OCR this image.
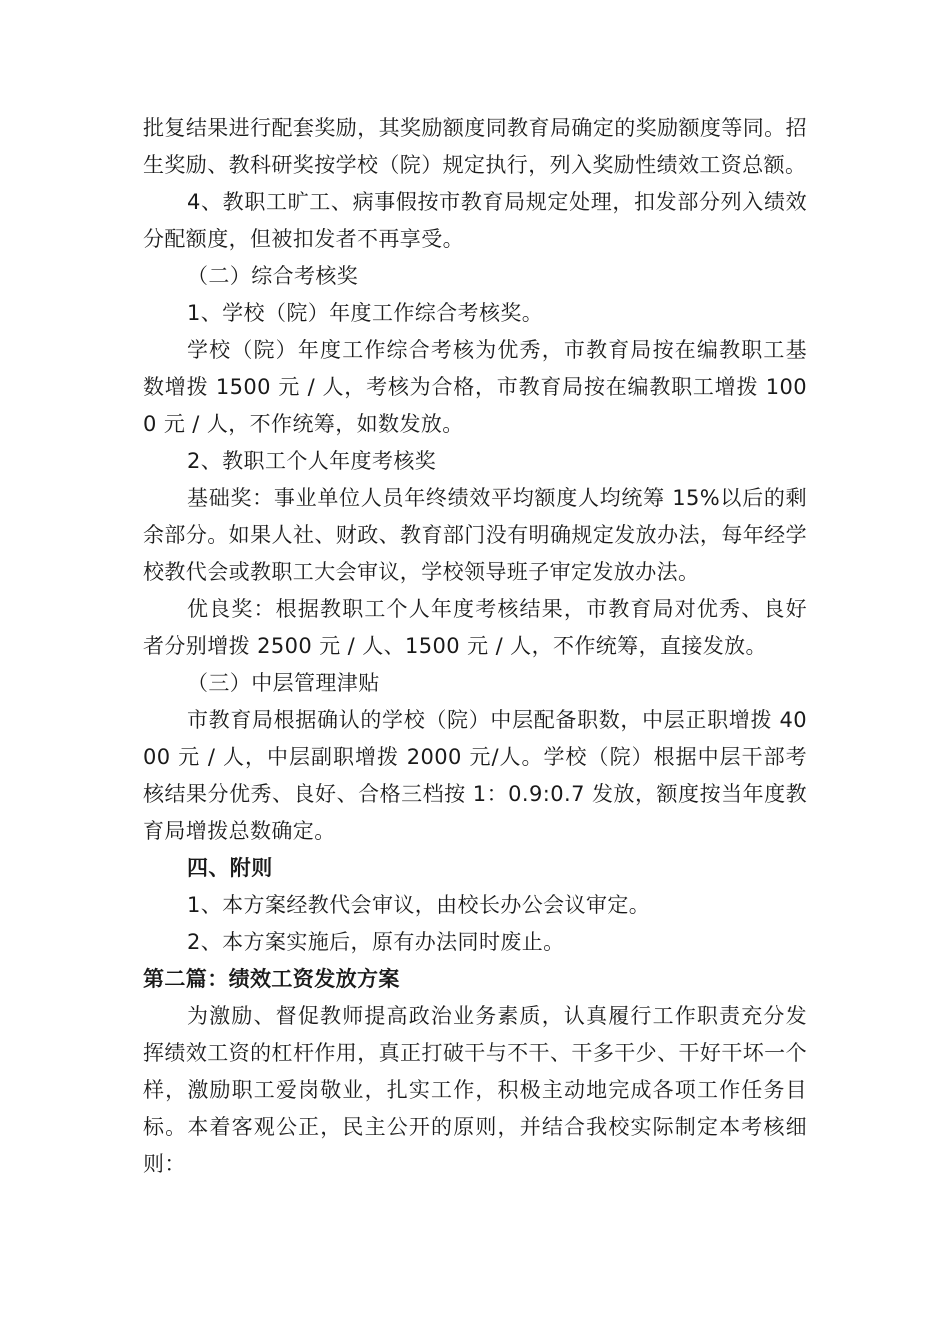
批复结果进行配套奖励，其奖励额度同教育局确定的奖励额度等同。招生奖励、教科研奖按学校（院）规定执行，列入奖励性绩效工资总额。

4、教职工旷工、病事假按市教育局规定处理，扣发部分列入绩效分配额度，但被扣发者不再享受。

（二）综合考核奖

1、学校（院）年度工作综合考核奖。

学校（院）年度工作综合考核为优秀，市教育局按在编教职工基数增拨 1500 元 / 人，考核为合格，市教育局按在编教职工增拨 1000 元 / 人，不作统筹，如数发放。

2、教职工个人年度考核奖

基础奖：事业单位人员年终绩效平均额度人均统筹 15%以后的剩余部分。如果人社、财政、教育部门没有明确规定发放办法，每年经学校教代会或教职工大会审议，学校领导班子审定发放办法。

优良奖：根据教职工个人年度考核结果，市教育局对优秀、良好者分别增拨 2500 元 / 人、1500 元 / 人，不作统筹，直接发放。

（三）中层管理津贴

市教育局根据确认的学校（院）中层配备职数，中层正职增拨 4000 元 / 人，中层副职增拨 2000 元/人。学校（院）根据中层干部考核结果分优秀、良好、合格三档按 1：0.9:0.7 发放，额度按当年度教育局增拨总数确定。

四、附则

1、本方案经教代会审议，由校长办公会议审定。

2、本方案实施后，原有办法同时废止。

第二篇：绩效工资发放方案

为激励、督促教师提高政治业务素质，认真履行工作职责充分发挥绩效工资的杠杆作用，真正打破干与不干、干多干少、干好干坏一个样，激励职工爱岗敬业，扎实工作，积极主动地完成各项工作任务目标。本着客观公正，民主公开的原则，并结合我校实际制定本考核细则：
